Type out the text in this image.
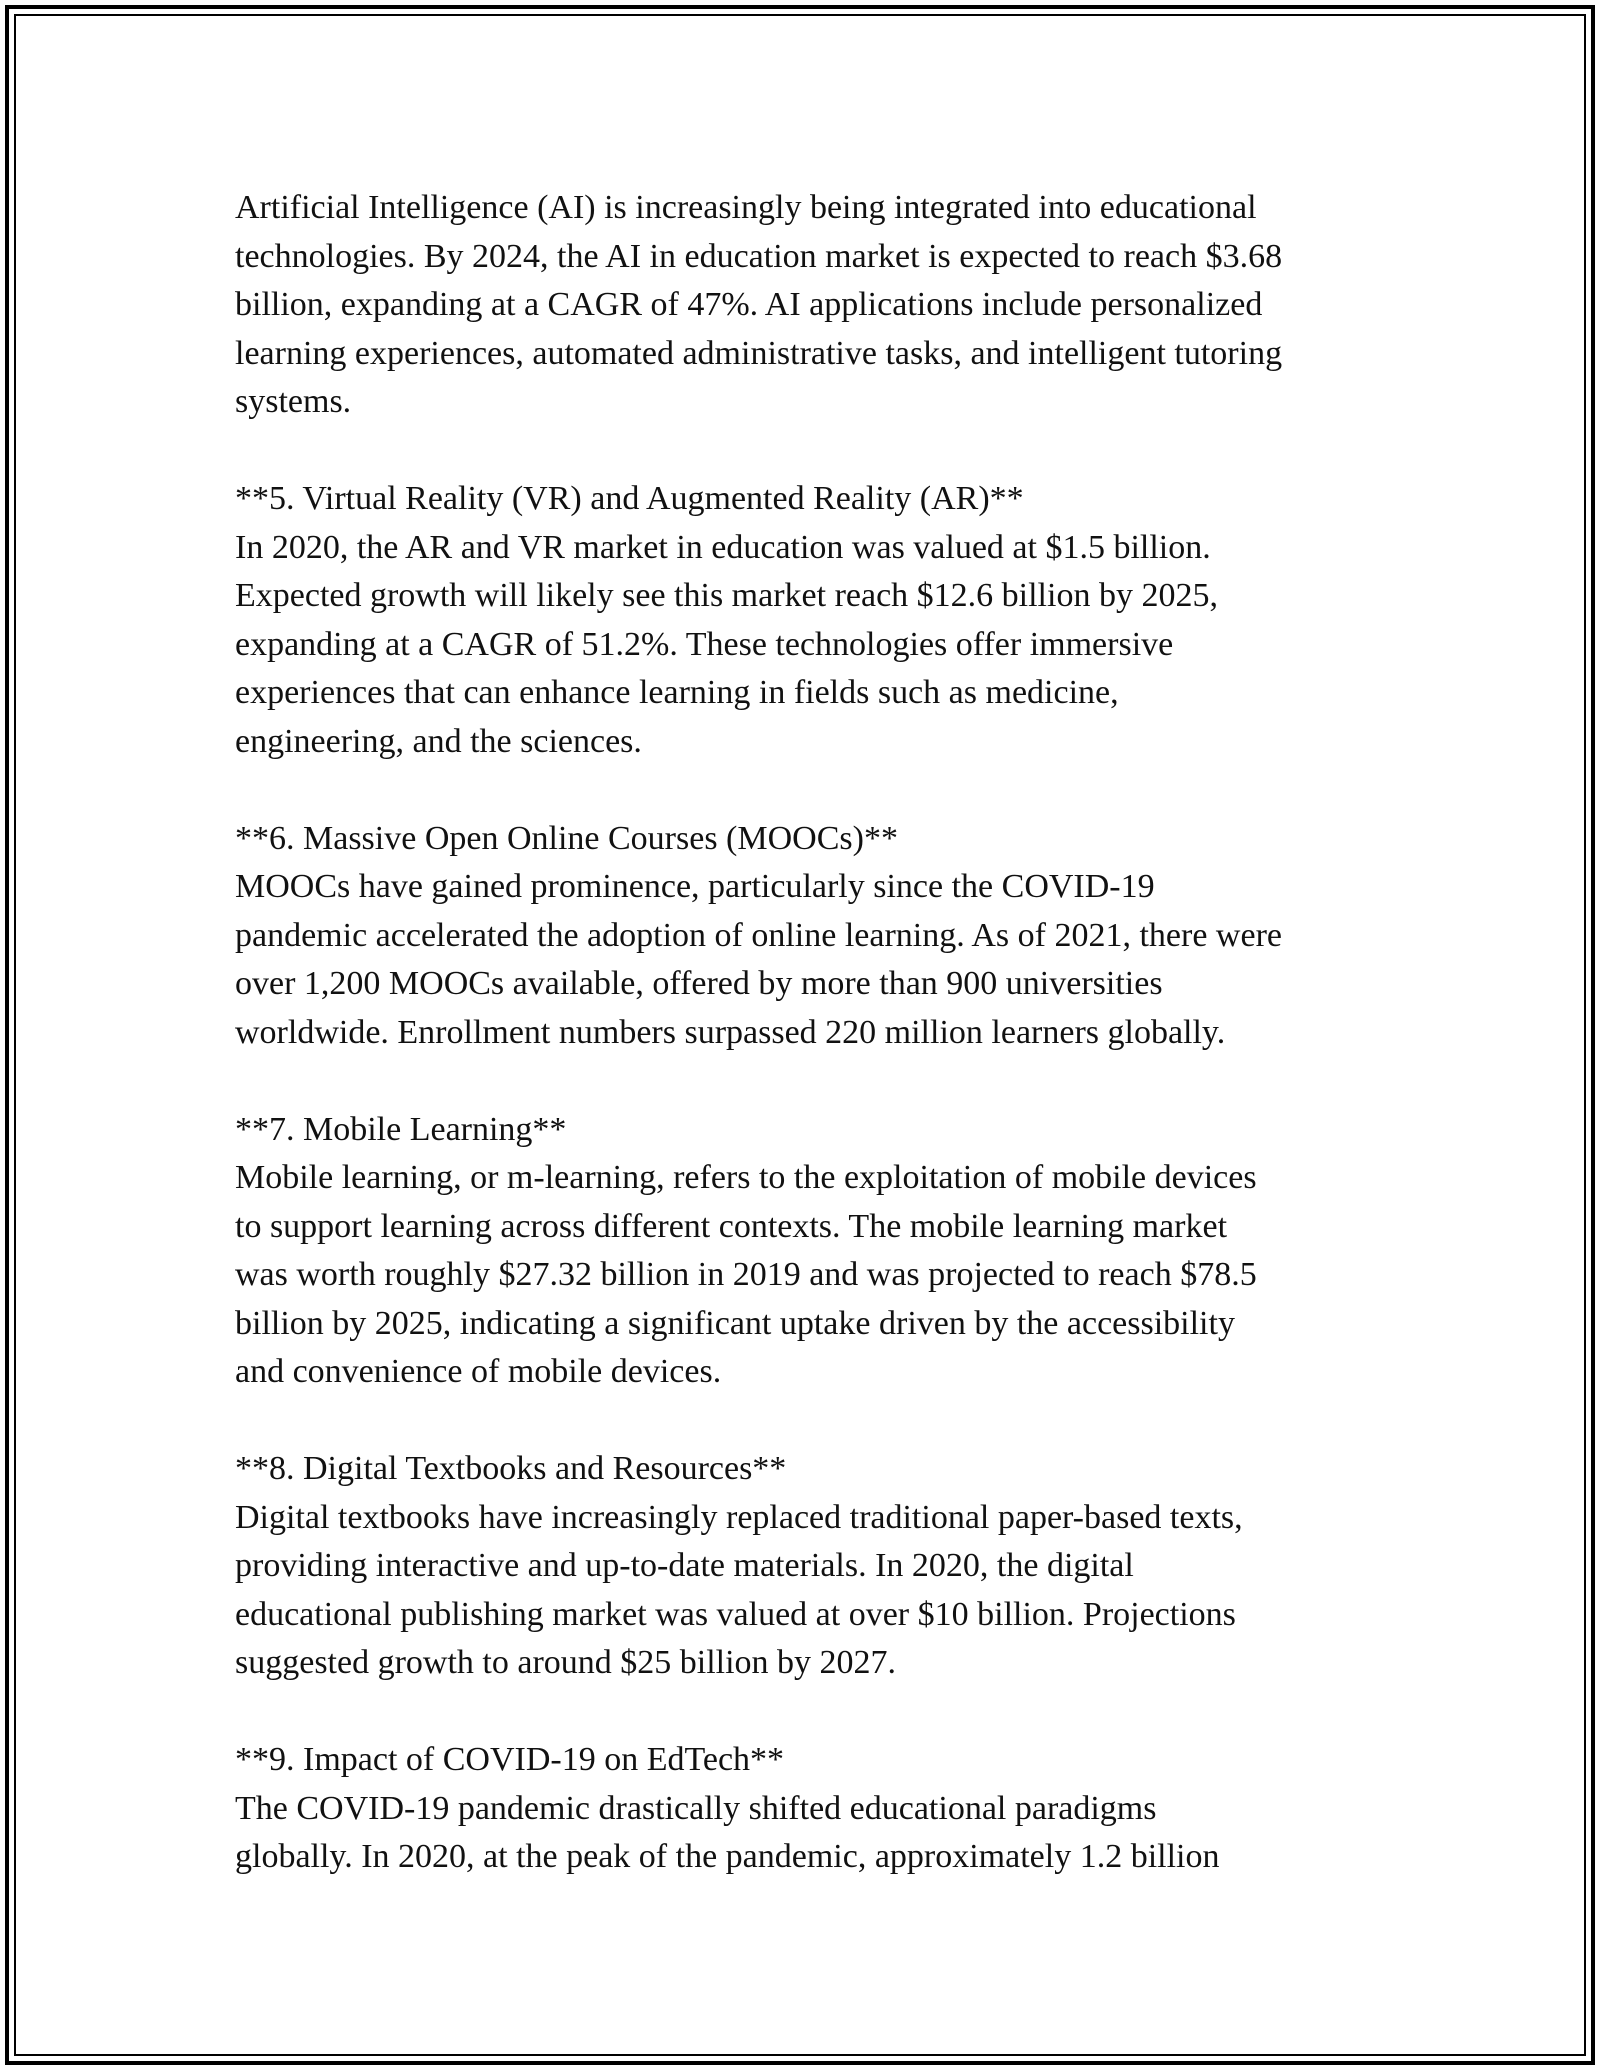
Artificial Intelligence (AI) is increasingly being integrated into educational
technologies. By 2024, the AI in education market is expected to reach $3.68
billion, expanding at a CAGR of 47%. AI applications include personalized
learning experiences, automated administrative tasks, and intelligent tutoring
systems.
**5. Virtual Reality (VR) and Augmented Reality (AR)**
In 2020, the AR and VR market in education was valued at $1.5 billion.
Expected growth will likely see this market reach $12.6 billion by 2025,
expanding at a CAGR of 51.2%. These technologies offer immersive
experiences that can enhance learning in fields such as medicine,
engineering, and the sciences.
**6. Massive Open Online Courses (MOOCs)**
MOOCs have gained prominence, particularly since the COVID-19
pandemic accelerated the adoption of online learning. As of 2021, there were
over 1,200 MOOCs available, offered by more than 900 universities
worldwide. Enrollment numbers surpassed 220 million learners globally.
**7. Mobile Learning**
Mobile learning, or m-learning, refers to the exploitation of mobile devices
to support learning across different contexts. The mobile learning market
was worth roughly $27.32 billion in 2019 and was projected to reach $78.5
billion by 2025, indicating a significant uptake driven by the accessibility
and convenience of mobile devices.
**8. Digital Textbooks and Resources**
Digital textbooks have increasingly replaced traditional paper-based texts,
providing interactive and up-to-date materials. In 2020, the digital
educational publishing market was valued at over $10 billion. Projections
suggested growth to around $25 billion by 2027.
**9. Impact of COVID-19 on EdTech**
The COVID-19 pandemic drastically shifted educational paradigms
globally. In 2020, at the peak of the pandemic, approximately 1.2 billion
